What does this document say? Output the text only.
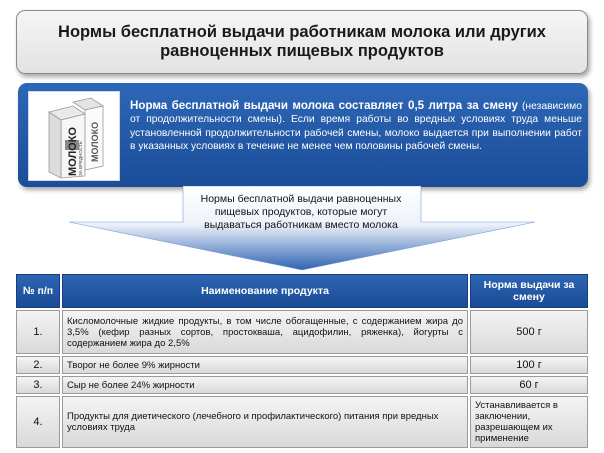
Нормы бесплатной выдачи работникам молока или других равноценных пищевых продуктов
МОЛОКО ЗА ВРЕДНОСТЬ МОЛОКО
Норма бесплатной выдачи молока составляет 0,5 литра за смену (независимо от продолжительности смены). Если время работы во вредных условиях труда меньше установленной продолжительности рабочей смены, молоко выдается при выполнении работ в указанных условиях в течение не менее чем половины рабочей смены.
Нормы бесплатной выдачи равноценных пищевых продуктов, которые могут выдаваться работникам вместо молока
№ п/п	Наименование продукта	Норма выдачи за смену
1.	Кисломолочные жидкие продукты, в том числе обогащенные, с содержанием жира до 3,5% (кефир разных сортов, простокваша, ацидофилин, ряженка), йогурты с содержанием жира до 2,5%	500 г
2.	Творог не более 9% жирности	100 г
3.	Сыр не более 24% жирности	60 г
4.	Продукты для диетического (лечебного и профилактического) питания при вредных условиях труда	Устанавливается в заключении, разрешающем их применение
